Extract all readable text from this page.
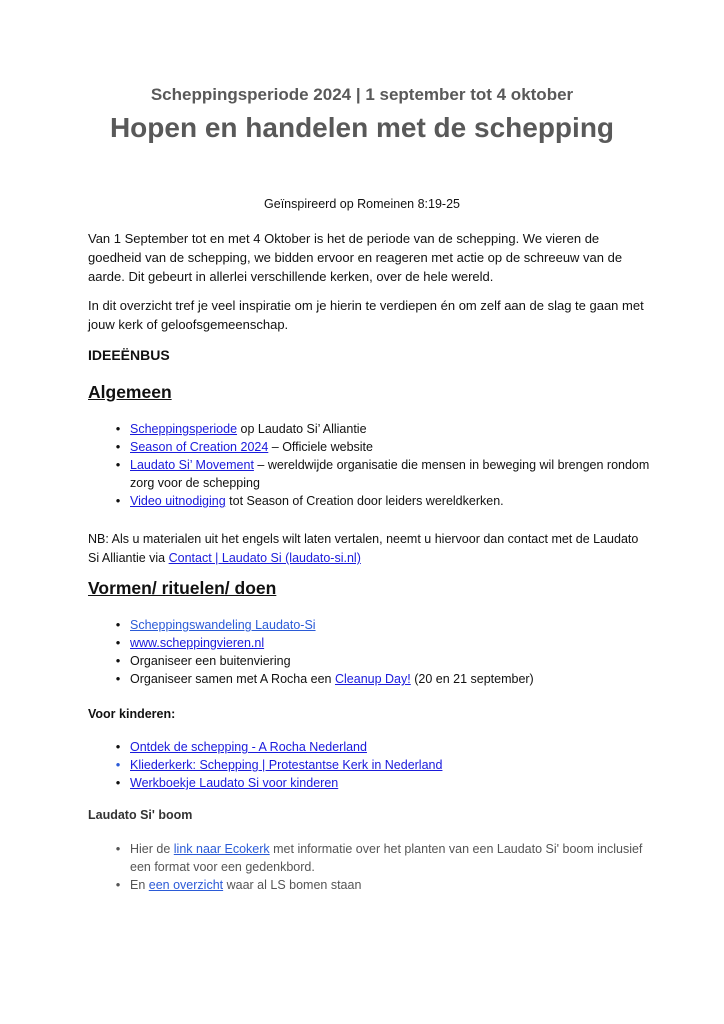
Scheppingsperiode 2024 | 1 september tot 4 oktober
Hopen en handelen met de schepping
Geïnspireerd op Romeinen 8:19-25
Van 1 September tot en met 4 Oktober is het de periode van de schepping. We vieren de goedheid van de schepping, we bidden ervoor en reageren met actie op de schreeuw van de aarde. Dit gebeurt in allerlei verschillende kerken, over de hele wereld.
In dit overzicht tref je veel inspiratie om je hierin te verdiepen én om zelf aan de slag te gaan met jouw kerk of geloofsgemeenschap.
IDEEËNBUS
Algemeen
• Scheppingsperiode op Laudato Si’ Alliantie
• Season of Creation 2024 – Officiele website
• Laudato Si’ Movement – wereldwijde organisatie die mensen in beweging wil brengen rondom zorg voor de schepping
• Video uitnodiging tot Season of Creation door leiders wereldkerken.
NB: Als u materialen uit het engels wilt laten vertalen, neemt u hiervoor dan contact met de Laudato Si Alliantie via Contact | Laudato Si (laudato-si.nl)
Vormen/ rituelen/ doen
• Scheppingswandeling Laudato-Si
• www.scheppingvieren.nl
• Organiseer een buitenviering
• Organiseer samen met A Rocha een Cleanup Day! (20 en 21 september)
Voor kinderen:
• Ontdek de schepping - A Rocha Nederland
• Kliederkerk: Schepping | Protestantse Kerk in Nederland
• Werkboekje Laudato Si voor kinderen
Laudato Si' boom
• Hier de link naar Ecokerk met informatie over het planten van een Laudato Si' boom inclusief een format voor een gedenkbord.
• En een overzicht waar al LS bomen staan
